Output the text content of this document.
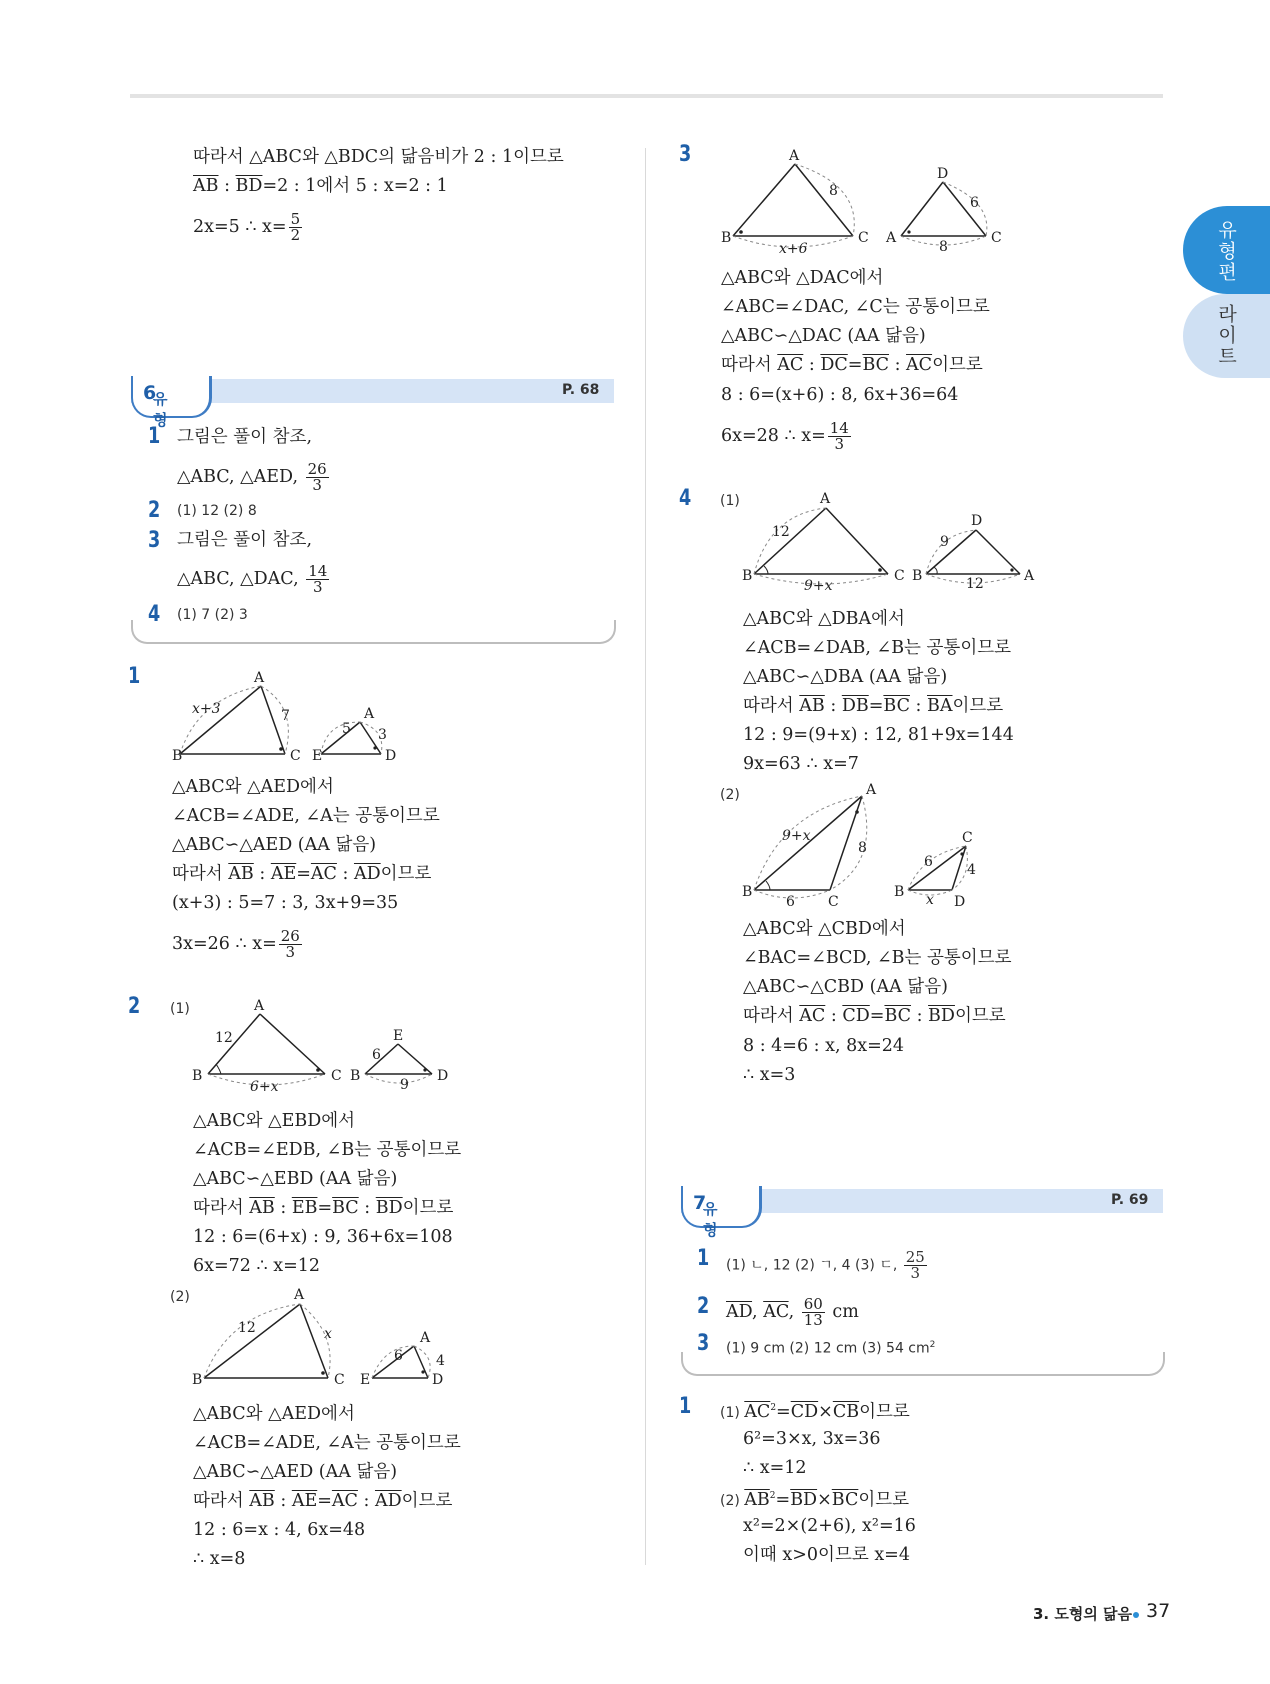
유형편
라이트
따라서 △ABC와 △BDC의 닮음비가 2 : 1이므로
$\overline{AB}$ : $\overline{BD}=2$ : 1에서 5 : x=2 : 1
2x=5 ∴ $x= \frac{5}{2}$
유형
6	P. 68
1 그림은 풀이 참조,
△ABC, △AED, $\frac{26}{3}$
2 (1) 12 (2) 8
3 그림은 풀이 참조,
△ABC, △DAC, $\frac{14}{3}$
4 (1) 7 (2) 3
1	A
B	C
x+3	7	A
E	D
5 3
△ABC와 △AED에서
∠ACB=∠ADE, ∠A는 공통이므로
△ABC∽△AED (AA 닮음)
따라서 $\overline{AB}$ : $\overline{AE}=\overline{AC}$ : $\overline{AD}$이므로
(x+3) : 5=7 : 3, 3x+9=35
3x=26 ∴ $x= \frac{26}{3}$
2 (1)	A
B	C
12
6+x
E
B	D
6
9
△ABC와 △EBD에서
∠ACB=∠EDB, ∠B는 공통이므로
△ABC∽△EBD (AA 닮음)
따라서 $\overline{AB}$ : $\overline{EB}=\overline{BC}$ : $\overline{BD}$이므로
12 : 6=(6+x) : 9, 36+6x=108
6x=72 ∴ x=12
(2)	A
B	C
12	x	A
E	D
6 4
△ABC와 △AED에서
∠ACB=∠ADE, ∠A는 공통이므로
△ABC∽△AED (AA 닮음)
따라서 $\overline{AB}$ : $\overline{AE}=\overline{AC}$ : $\overline{AD}$이므로
12 : 6=x : 4, 6x=48
∴ x=8
3	A
B	C
8
x+6
D
A	C
6
8
△ABC와 △DAC에서
∠ABC=∠DAC, ∠C는 공통이므로
△ABC∽△DAC (AA 닮음)
따라서 $\overline{AC}$ : $\overline{DC}=\overline{BC}$ : $\overline{AC}$이므로
8 : 6=(x+6) : 8, 6x+36=64
6x=28 ∴ $x= \frac{14}{3}$
4 (1)	A
B	C
12
9+x
D
B	A
9
12
△ABC와 △DBA에서
∠ACB=∠DAB, ∠B는 공통이므로
△ABC∽△DBA (AA 닮음)
따라서 $\overline{AB}$ : $\overline{DB}=\overline{BC}$ : $\overline{BA}$이므로
12 : 9=(9+x) : 12, 81+9x=144
9x=63 ∴ x=7
(2)	A
B
C
9+x
8
6
C
B
D
6 4
x
△ABC와 △CBD에서
∠BAC=∠BCD, ∠B는 공통이므로
△ABC∽△CBD (AA 닮음)
따라서 $\overline{AC}$ : $\overline{CD}=\overline{BC}$ : $\overline{BD}$이므로
8 : 4=6 : x, 8x=24
∴ x=3
유형
7	P. 69
1 (1) ㄴ, 12 (2) ㄱ, 4 (3) ㄷ, $\frac{25}{3}$
2 $\overline{AD}$, $\overline{AC}$, $\frac{60}{13}$ cm
3 (1) 9 cm (2) 12 cm (3) 54 $cm^2$
1 (1) $\overline{AC}^2=\overline{CD}\times\overline{CB}$이므로
6²=3×x, 3x=36
∴ x=12
(2) $\overline{AB}^2=\overline{BD}\times\overline{BC}$이므로
x²=2×(2+6), x²=16
이때 x>0이므로 x=4
3. 도형의 닮음 37
